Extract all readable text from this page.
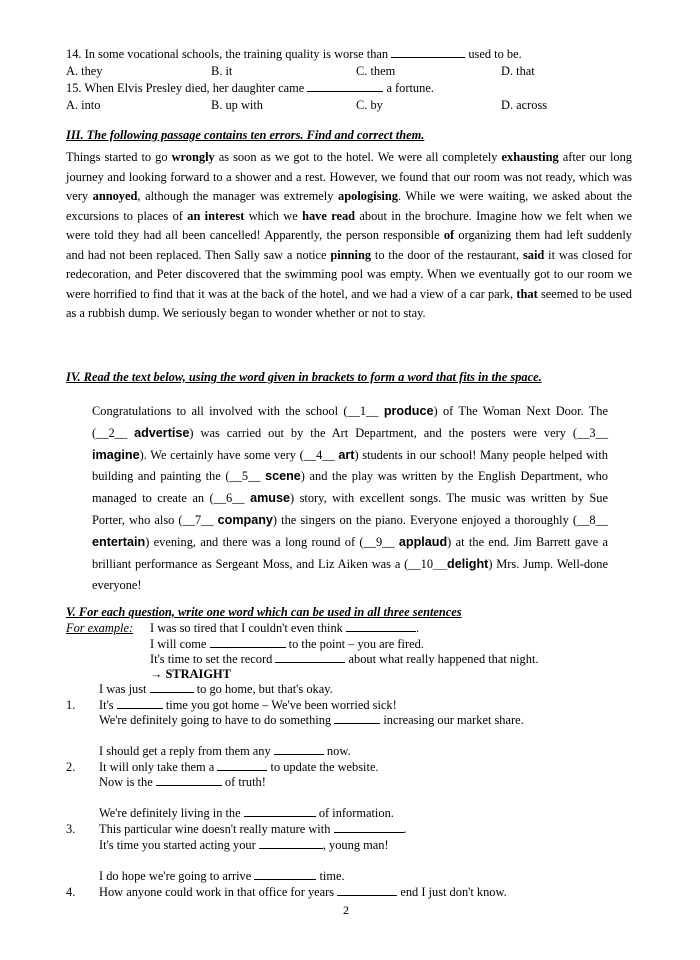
14. In some vocational schools, the training quality is worse than	used to be.
A. they	B. it	C. them	D. that
15. When Elvis Presley died, her daughter came	a fortune.
A. into	B. up with	C. by	D. across
III. The following passage contains ten errors. Find and correct them.
Things started to go wrongly as soon as we got to the hotel. We were all completely exhausting after our long journey and looking forward to a shower and a rest. However, we found that our room was not ready, which was very annoyed, although the manager was extremely apologising. While we were waiting, we asked about the excursions to places of an interest which we have read about in the brochure. Imagine how we felt when we were told they had all been cancelled! Apparently, the person responsible of organizing them had left suddenly and had not been replaced. Then Sally saw a notice pinning to the door of the restaurant, said it was closed for redecoration, and Peter discovered that the swimming pool was empty. When we eventually got to our room we were horrified to find that it was at the back of the hotel, and we had a view of a car park, that seemed to be used as a rubbish dump. We seriously began to wonder whether or not to stay.
IV. Read the text below, using the word given in brackets to form a word that fits in the space.
Congratulations to all involved with the school (__1__ produce) of The Woman Next Door. The (__2__ advertise) was carried out by the Art Department, and the posters were very (__3__ imagine). We certainly have some very (__4__ art) students in our school! Many people helped with building and painting the (__5__ scene) and the play was written by the English Department, who managed to create an (__6__ amuse) story, with excellent songs. The music was written by Sue Porter, who also (__7__ company) the singers on the piano. Everyone enjoyed a thoroughly (__8__ entertain) evening, and there was a long round of (__9__ applaud) at the end. Jim Barrett gave a brilliant performance as Sergeant Moss, and Liz Aiken was a (__10__delight) Mrs. Jump. Well-done everyone!
V. For each question, write one word which can be used in all three sentences
For example: I was so tired that I couldn't even think	.
I will come	to the point – you are fired.
It's time to set the record	about what really happened that night.
→ STRAIGHT
I was just	to go home, but that's okay.
1. It's	time you got home – We've been worried sick!
We're definitely going to have to do something	increasing our market share.
I should get a reply from them any	now.
2. It will only take them a	to update the website.
Now is the	of truth!
We're definitely living in the	of information.
3. This particular wine doesn't really mature with	.
It's time you started acting your	, young man!
I do hope we're going to arrive	time.
4. How anyone could work in that office for years	end I just don't know.
2
